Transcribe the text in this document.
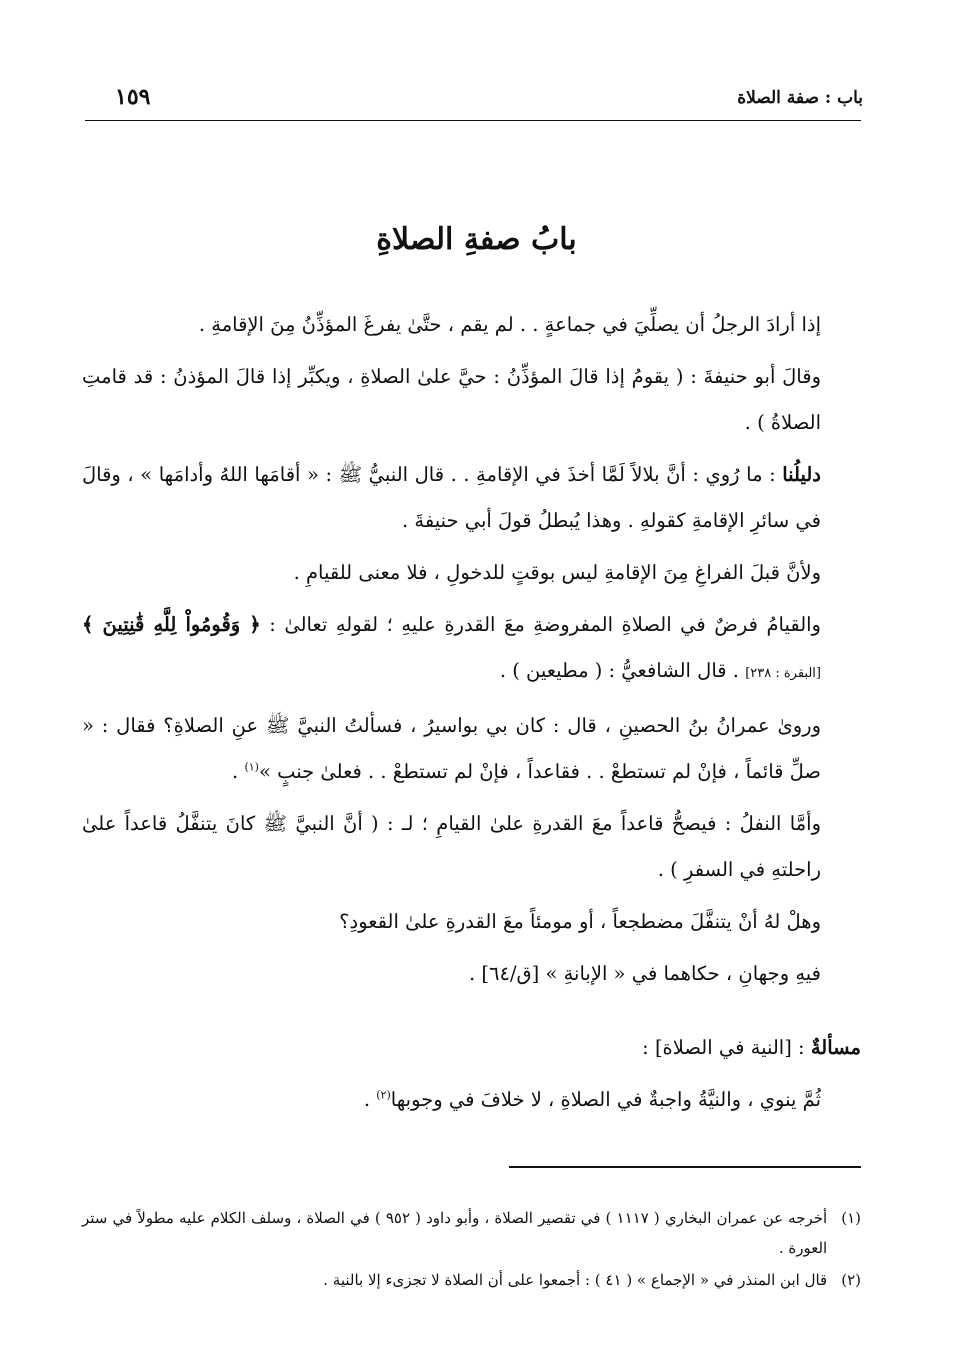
باب : صفة الصلاة
١٥٩
بابُ صفةِ الصلاةِ

إذا أرادَ الرجلُ أن يصلِّيَ في جماعةٍ . . لم يقم ، حتَّىٰ يفرغَ المؤذِّنُ مِنَ الإقامةِ .

وقالَ أبو حنيفةَ : ( يقومُ إذا قالَ المؤذِّنُ : حيَّ علىٰ الصلاةِ ، ويكبِّر إذا قالَ المؤذنُ : قد قامتِ الصلاةُ ) .

دليلُنا : ما رُوي : أنَّ بلالاً لَمَّا أخذَ في الإقامةِ . . قال النبيُّ ﷺ : « أقامَها اللهُ وأدامَها » ، وقالَ في سائرِ الإقامةِ كقولهِ . وهذا يُبطلُ قولَ أبي حنيفةَ .

ولأنَّ قبلَ الفراغِ مِنَ الإقامةِ ليس بوقتٍ للدخولِ ، فلا معنى للقيامِ .

والقيامُ فرضٌ في الصلاةِ المفروضةِ معَ القدرةِ عليهِ ؛ لقولهِ تعالىٰ : ﴿ وَقُومُواْ لِلَّهِ قَٰنِتِينَ ﴾ [البقرة : ٢٣٨] . قال الشافعيُّ : ( مطيعين ) .

وروىٰ عمرانُ بنُ الحصينِ ، قال : كان بي بواسيرُ ، فسألتُ النبيَّ ﷺ عنِ الصلاةِ؟ فقال : « صلِّ قائماً ، فإنْ لم تستطعْ . . فقاعداً ، فإنْ لم تستطعْ . . فعلىٰ جنبٍ »$^{(١)}$ .

وأمَّا النفلُ : فيصحُّ قاعداً معَ القدرةِ علىٰ القيامِ ؛ لـ : ( أنَّ النبيَّ ﷺ كانَ يتنفَّلُ قاعداً علىٰ راحلتهِ في السفرِ ) .

وهلْ لهُ أنْ يتنفَّلَ مضطجعاً ، أو مومئاً معَ القدرةِ علىٰ القعودِ؟

فيهِ وجهانِ ، حكاهما في « الإبانةِ » [ق/٦٤] .

مسألةٌ : [النية في الصلاة] :

ثُمَّ ينوي ، والنيَّةُ واجبةٌ في الصلاةِ ، لا خلافَ في وجوبها$^{(٢)}$ .

(١)
أخرجه عن عمران البخاري ( ١١١٧ ) في تقصير الصلاة ، وأبو داود ( ٩٥٢ ) في الصلاة ، وسلف الكلام عليه مطولاً في ستر العورة .
(٢)
قال ابن المنذر في « الإجماع » ( ٤١ ) : أجمعوا على أن الصلاة لا تجزىء إلا بالنية .
